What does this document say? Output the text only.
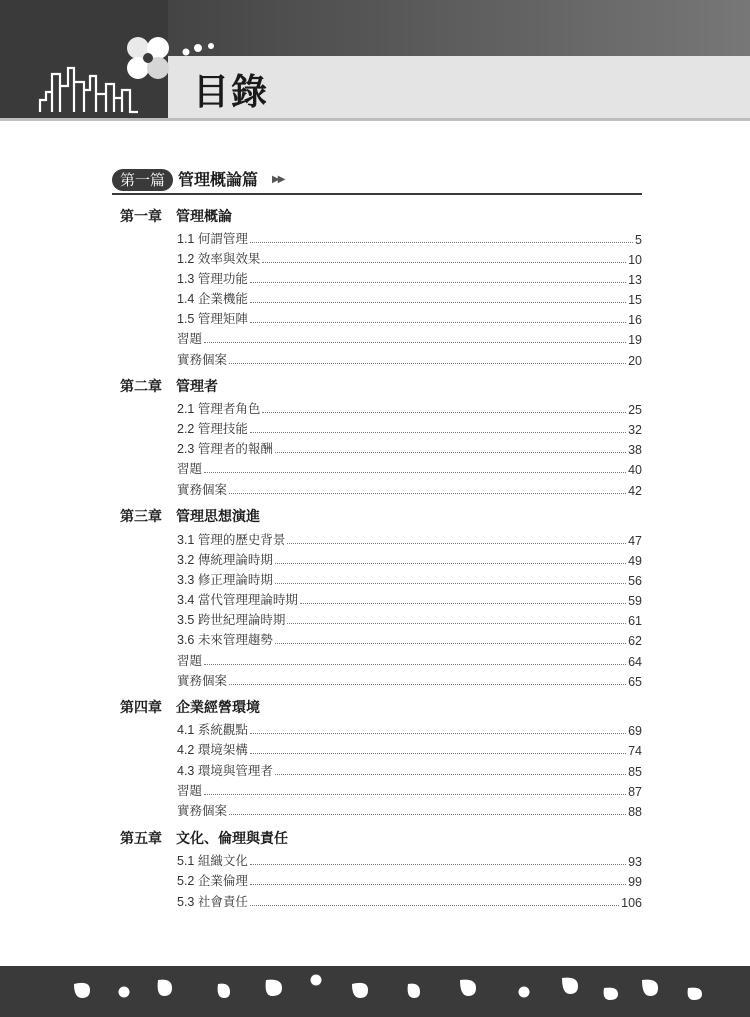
目錄
第一篇 管理概論篇 ▶▶
第一章 管理概論
1.1 何謂管理	5
1.2 效率與效果	10
1.3 管理功能	13
1.4 企業機能	15
1.5 管理矩陣	16
習題	19
實務個案	20
第二章 管理者
2.1 管理者角色	25
2.2 管理技能	32
2.3 管理者的報酬	38
習題	40
實務個案	42
第三章 管理思想演進
3.1 管理的歷史背景	47
3.2 傳統理論時期	49
3.3 修正理論時期	56
3.4 當代管理理論時期	59
3.5 跨世紀理論時期	61
3.6 未來管理趨勢	62
習題	64
實務個案	65
第四章 企業經營環境
4.1 系統觀點	69
4.2 環境架構	74
4.3 環境與管理者	85
習題	87
實務個案	88
第五章 文化、倫理與責任
5.1 組織文化	93
5.2 企業倫理	99
5.3 社會責任	106
